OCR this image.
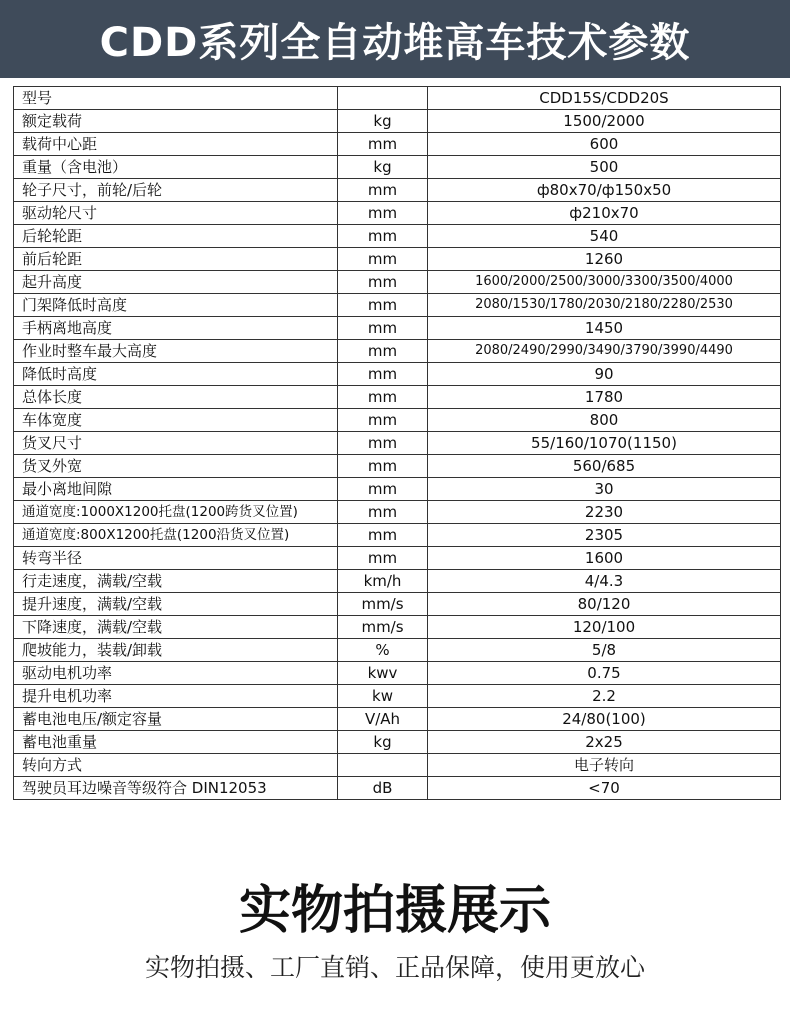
CDD系列全自动堆高车技术参数
型号		CDD15S/CDD20S
额定载荷	kg	1500/2000
载荷中心距	mm	600
重量（含电池）	kg	500
轮子尺寸，前轮/后轮	mm	ф80x70/ф150x50
驱动轮尺寸	mm	ф210x70
后轮轮距	mm	540
前后轮距	mm	1260
起升高度	mm	1600/2000/2500/3000/3300/3500/4000
门架降低时高度	mm	2080/1530/1780/2030/2180/2280/2530
手柄离地高度	mm	1450
作业时整车最大高度	mm	2080/2490/2990/3490/3790/3990/4490
降低时高度	mm	90
总体长度	mm	1780
车体宽度	mm	800
货叉尺寸	mm	55/160/1070(1150)
货叉外宽	mm	560/685
最小离地间隙	mm	30
通道宽度:1000X1200托盘(1200跨货叉位置)	mm	2230
通道宽度:800X1200托盘(1200沿货叉位置)	mm	2305
转弯半径	mm	1600
行走速度，满载/空载	km/h	4/4.3
提升速度，满载/空载	mm/s	80/120
下降速度，满载/空载	mm/s	120/100
爬坡能力，装载/卸载	%	5/8
驱动电机功率	kwv	0.75
提升电机功率	kw	2.2
蓄电池电压/额定容量	V/Ah	24/80(100)
蓄电池重量	kg	2x25
转向方式		电子转向
驾驶员耳边噪音等级符合 DIN12053	dB	<70
实物拍摄展示
实物拍摄、工厂直销、正品保障，使用更放心
